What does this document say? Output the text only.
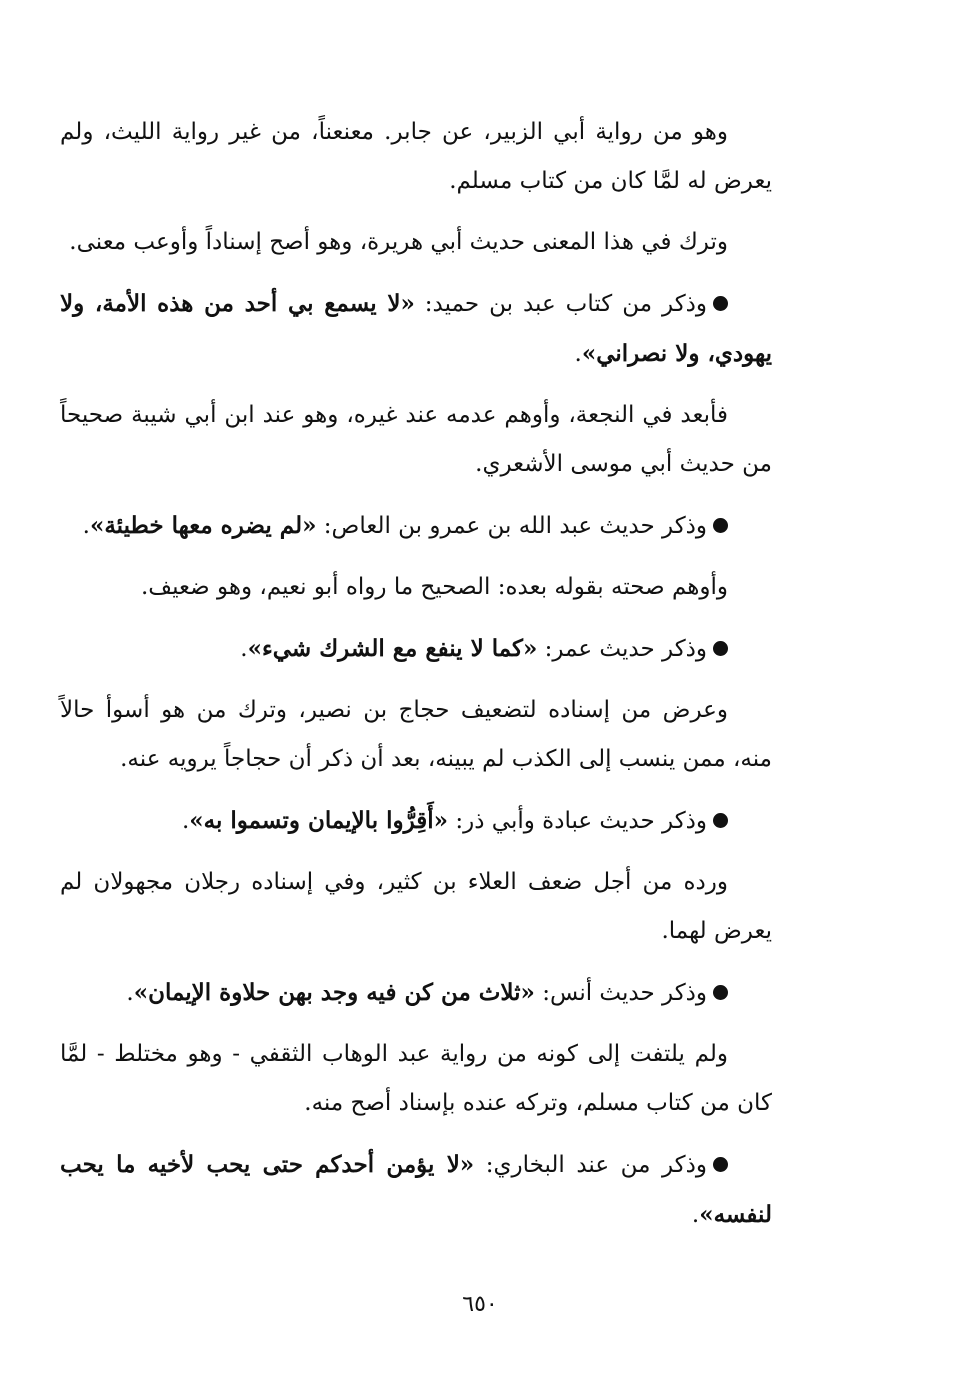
وهو من رواية أبي الزبير، عن جابر. معنعناً، من غير رواية الليث، ولم يعرض له لمَّا كان من كتاب مسلم.

وترك في هذا المعنى حديث أبي هريرة، وهو أصح إسناداً وأوعب معنى.

وذكر من كتاب عبد بن حميد: «لا يسمع بي أحد من هذه الأمة، ولا يهودي، ولا نصراني».

فأبعد في النجعة، وأوهم عدمه عند غيره، وهو عند ابن أبي شيبة صحيحاً من حديث أبي موسى الأشعري.

وذكر حديث عبد الله بن عمرو بن العاص: «لم يضره معها خطيئة».

وأوهم صحته بقوله بعده: الصحيح ما رواه أبو نعيم، وهو ضعيف.

وذكر حديث عمر: «كما لا ينفع مع الشرك شيء».

وعرض من إسناده لتضعيف حجاج بن نصير، وترك من هو أسوأ حالاً منه، ممن ينسب إلى الكذب لم يبينه، بعد أن ذكر أن حجاجاً يرويه عنه.

وذكر حديث عبادة وأبي ذر: «أَقِرُّوا بالإيمان وتسموا به».

ورده من أجل ضعف العلاء بن كثير، وفي إسناده رجلان مجهولان لم يعرض لهما.

وذكر حديث أنس: «ثلاث من كن فيه وجد بهن حلاوة الإيمان».

ولم يلتفت إلى كونه من رواية عبد الوهاب الثقفي - وهو مختلط - لمَّا كان من كتاب مسلم، وتركه عنده بإسناد أصح منه.

وذكر من عند البخاري: «لا يؤمن أحدكم حتى يحب لأخيه ما يحب لنفسه».

٦٥٠
